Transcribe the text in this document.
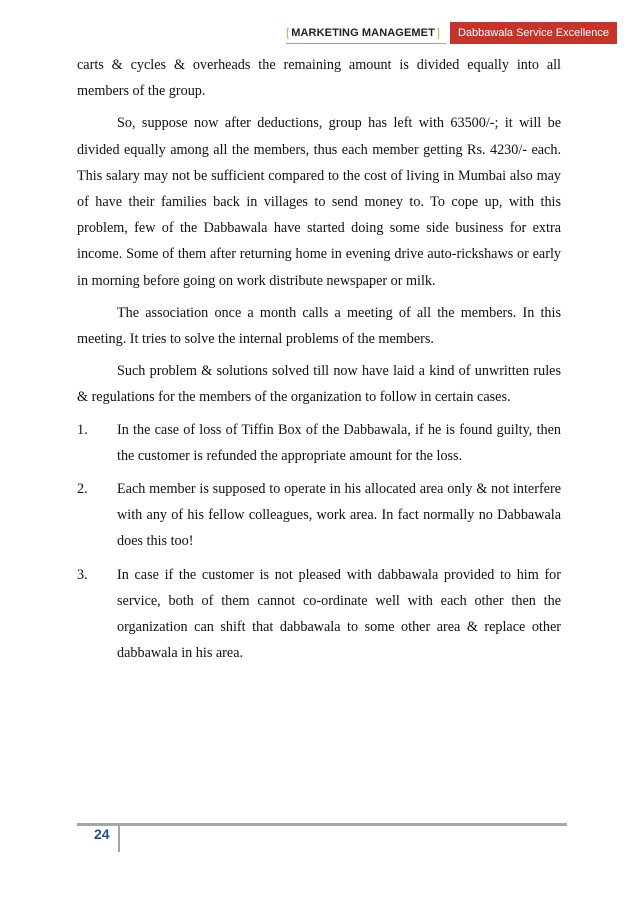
[ MARKETING MANAGEMET ]	Dabbawala Service Excellence

carts & cycles & overheads the remaining amount is divided equally into all members of the group.

So, suppose now after deductions, group has left with 63500/-; it will be divided equally among all the members, thus each member getting Rs. 4230/- each. This salary may not be sufficient compared to the cost of living in Mumbai also may of have their families back in villages to send money to. To cope up, with this problem, few of the Dabbawala have started doing some side business for extra income. Some of them after returning home in evening drive auto-rickshaws or early in morning before going on work distribute newspaper or milk.

The association once a month calls a meeting of all the members. In this meeting. It tries to solve the internal problems of the members.

Such problem & solutions solved till now have laid a kind of unwritten rules & regulations for the members of the organization to follow in certain cases.

1.	In the case of loss of Tiffin Box of the Dabbawala, if he is found guilty, then the customer is refunded the appropriate amount for the loss.
2.	Each member is supposed to operate in his allocated area only & not interfere with any of his fellow colleagues, work area. In fact normally no Dabbawala does this too!
3.	In case if the customer is not pleased with dabbawala provided to him for service, both of them cannot co-ordinate well with each other then the organization can shift that dabbawala to some other area & replace other dabbawala in his area.
24
